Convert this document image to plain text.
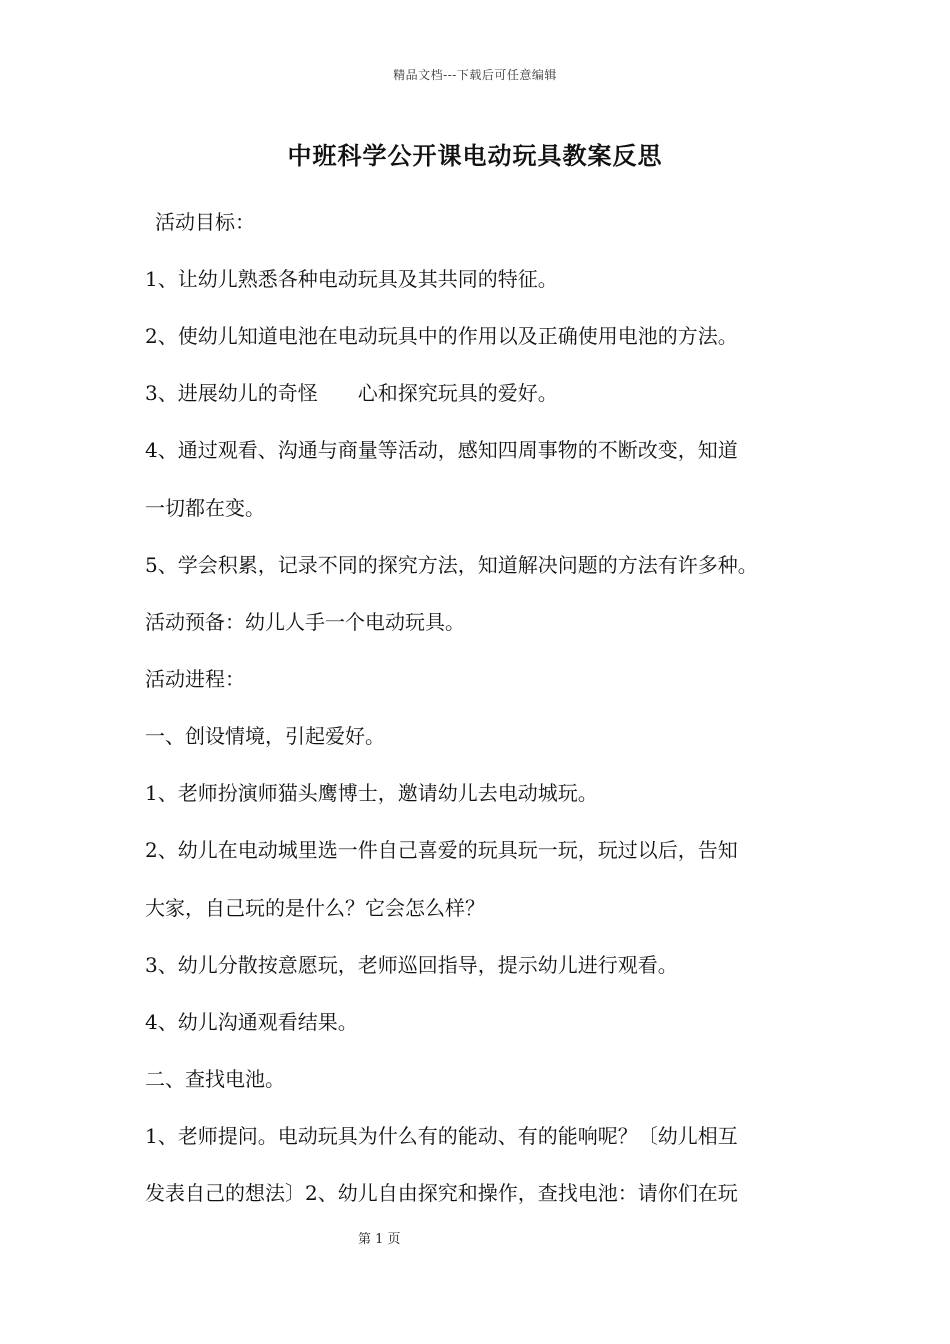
精品文档---下载后可任意编辑
中班科学公开课电动玩具教案反思
活动目标：
1、让幼儿熟悉各种电动玩具及其共同的特征。
2、使幼儿知道电池在电动玩具中的作用以及正确使用电池的方法。
3、进展幼儿的奇怪　　心和探究玩具的爱好。
4、通过观看、沟通与商量等活动，感知四周事物的不断改变，知道
一切都在变。
5、学会积累，记录不同的探究方法，知道解决问题的方法有许多种。
活动预备：幼儿人手一个电动玩具。
活动进程：
一、创设情境，引起爱好。
1、老师扮演师猫头鹰博士，邀请幼儿去电动城玩。
2、幼儿在电动城里选一件自己喜爱的玩具玩一玩，玩过以后，告知
大家，自己玩的是什么？它会怎么样？
3、幼儿分散按意愿玩，老师巡回指导，提示幼儿进行观看。
4、幼儿沟通观看结果。
二、查找电池。
1、老师提问。电动玩具为什么有的能动、有的能响呢？〔幼儿相互
发表自己的想法〕2、幼儿自由探究和操作，查找电池：请你们在玩
第 1 页
